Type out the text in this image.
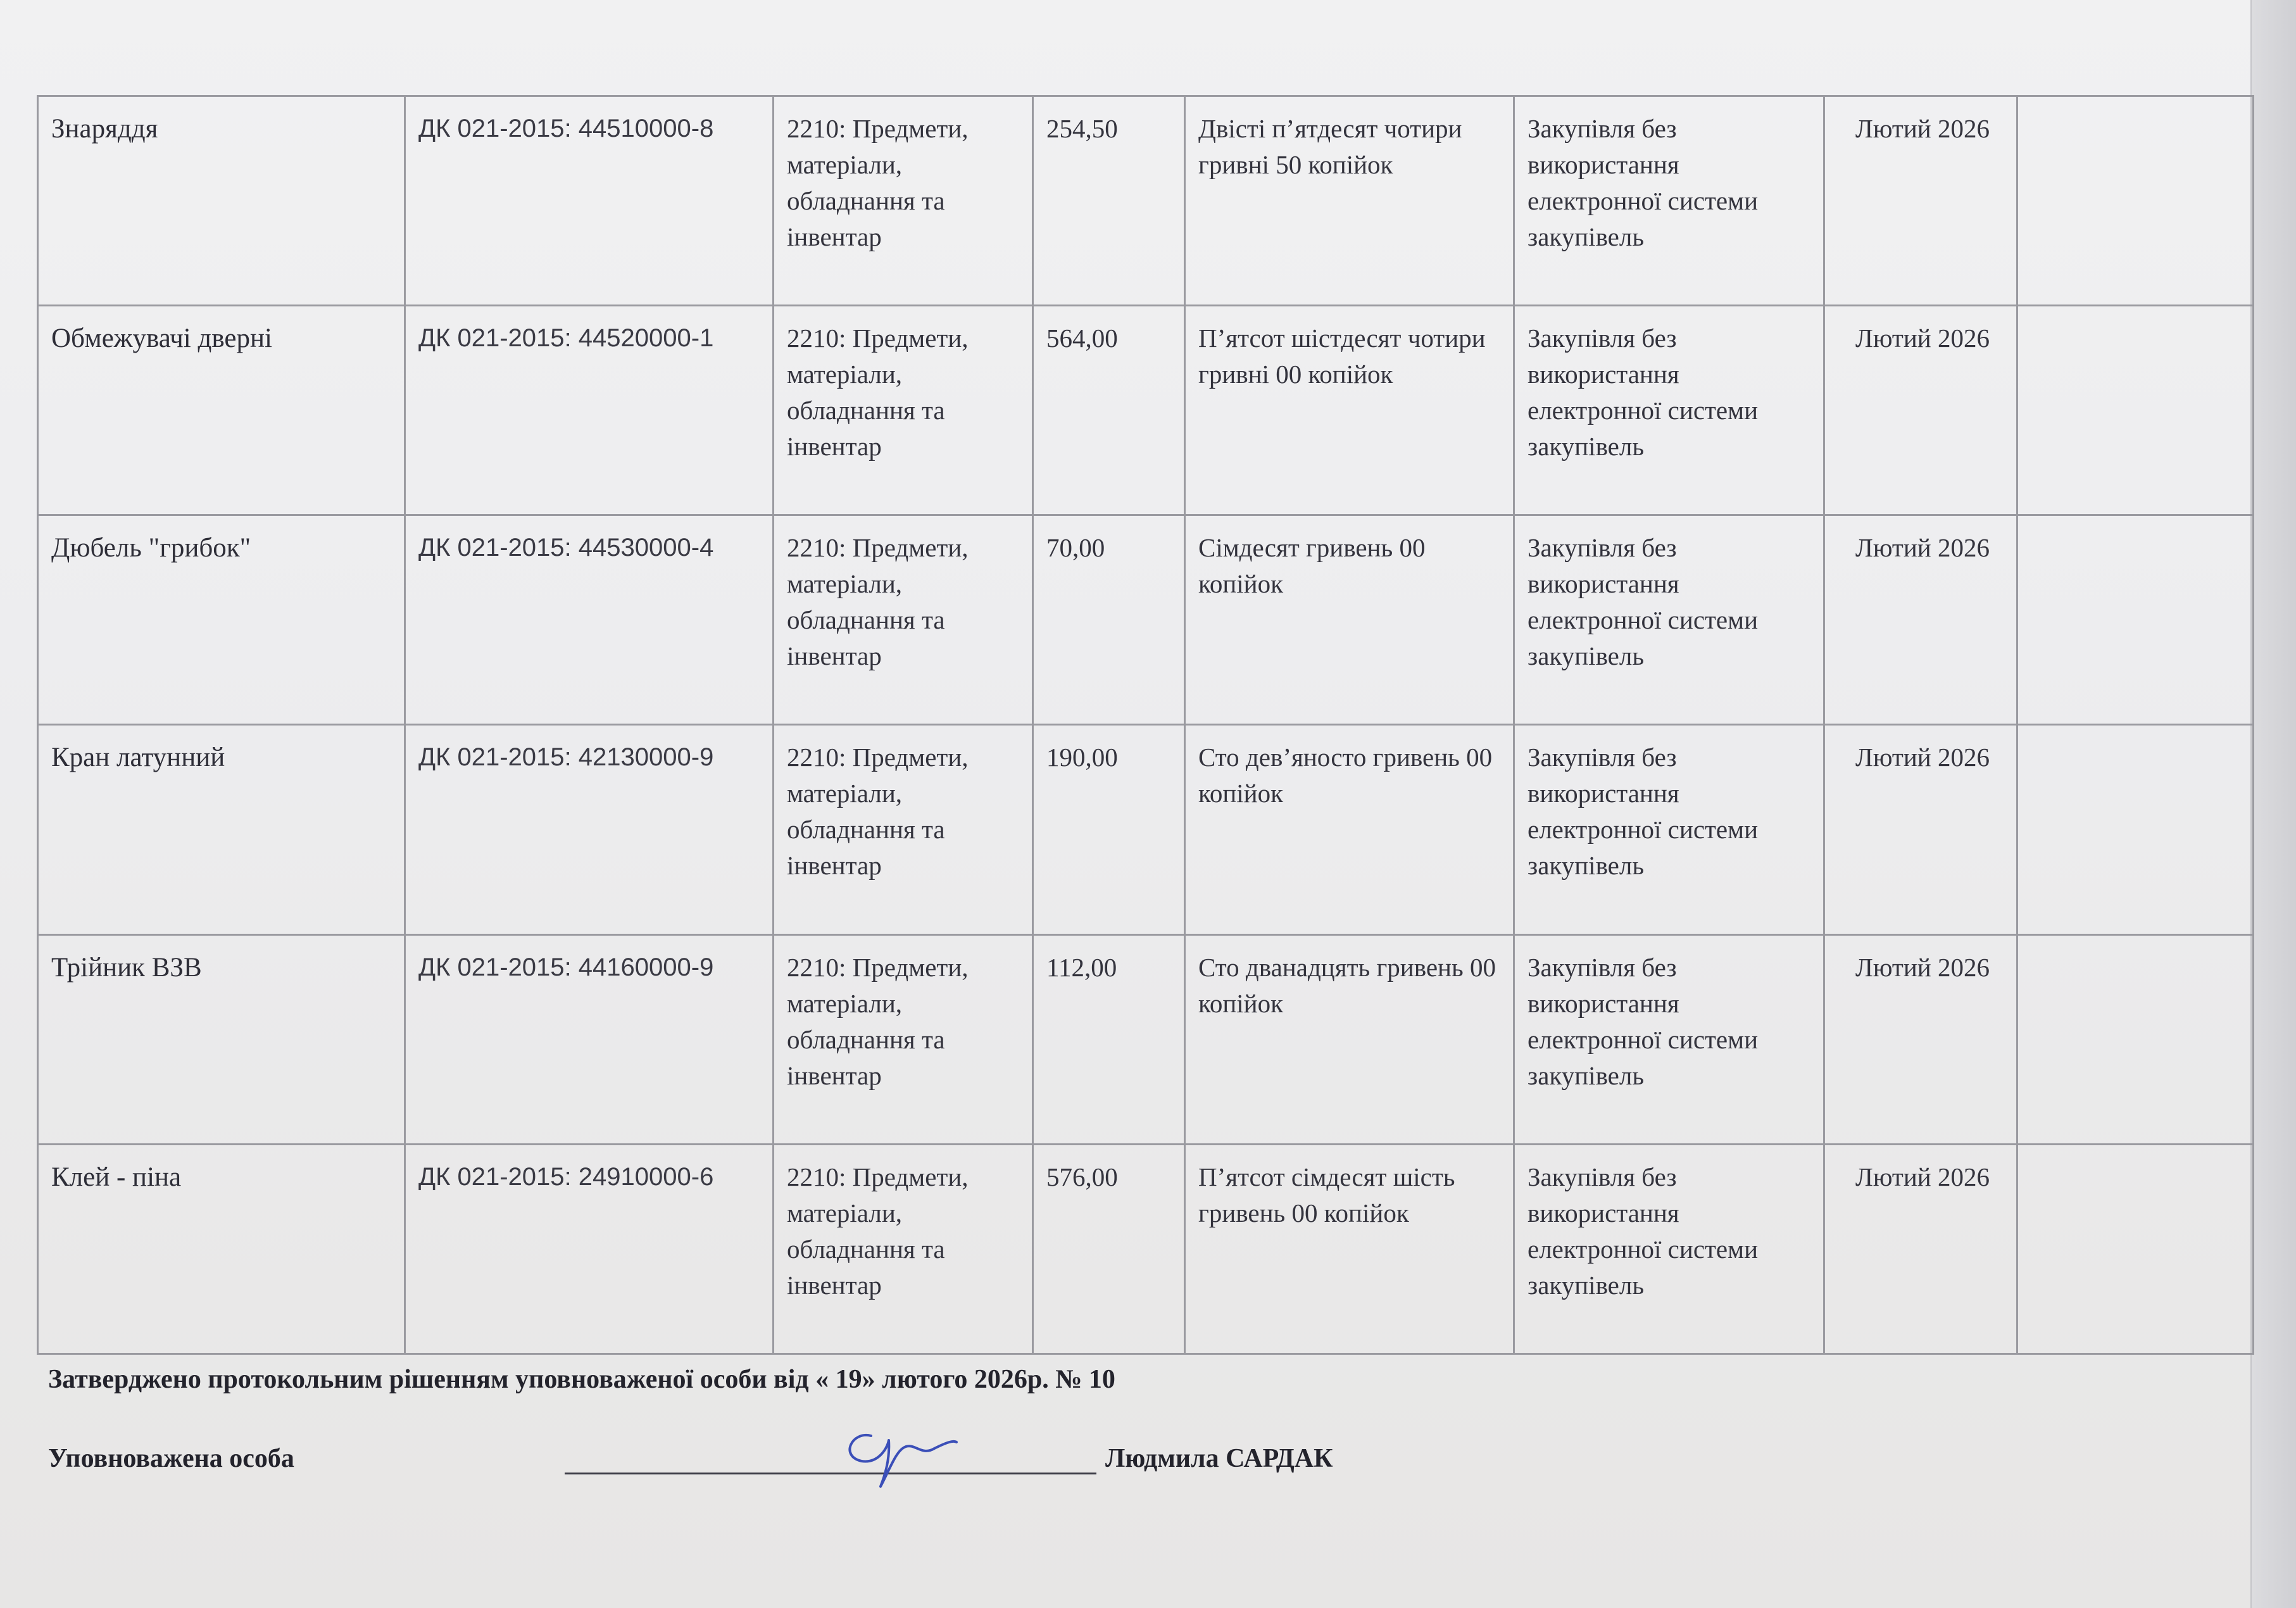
Знаряддя	ДК 021-2015: 44510000-8	2210: Предмети, матеріали, обладнання та інвентар	254,50	Двісті п’ятдесят чотири гривні 50 копійок	Закупівля без використання електронної системи закупівель	Лютий 2026	
Обмежувачі дверні	ДК 021-2015: 44520000-1	2210: Предмети, матеріали, обладнання та інвентар	564,00	П’ятсот шістдесят чотири гривні 00 копійок	Закупівля без використання електронної системи закупівель	Лютий 2026	
Дюбель "грибок"	ДК 021-2015: 44530000-4	2210: Предмети, матеріали, обладнання та інвентар	70,00	Сімдесят гривень 00 копійок	Закупівля без використання електронної системи закупівель	Лютий 2026	
Кран латунний	ДК 021-2015: 42130000-9	2210: Предмети, матеріали, обладнання та інвентар	190,00	Сто дев’яносто гривень 00 копійок	Закупівля без використання електронної системи закупівель	Лютий 2026	
Трійник ВЗВ	ДК 021-2015: 44160000-9	2210: Предмети, матеріали, обладнання та інвентар	112,00	Сто дванадцять гривень 00 копійок	Закупівля без використання електронної системи закупівель	Лютий 2026	
Клей - піна	ДК 021-2015: 24910000-6	2210: Предмети, матеріали, обладнання та інвентар	576,00	П’ятсот сімдесят шість гривень 00 копійок	Закупівля без використання електронної системи закупівель	Лютий 2026	
Затверджено протокольним рішенням уповноваженої особи від « 19» лютого 2026р. № 10
Уповноважена особа	Людмила САРДАК
